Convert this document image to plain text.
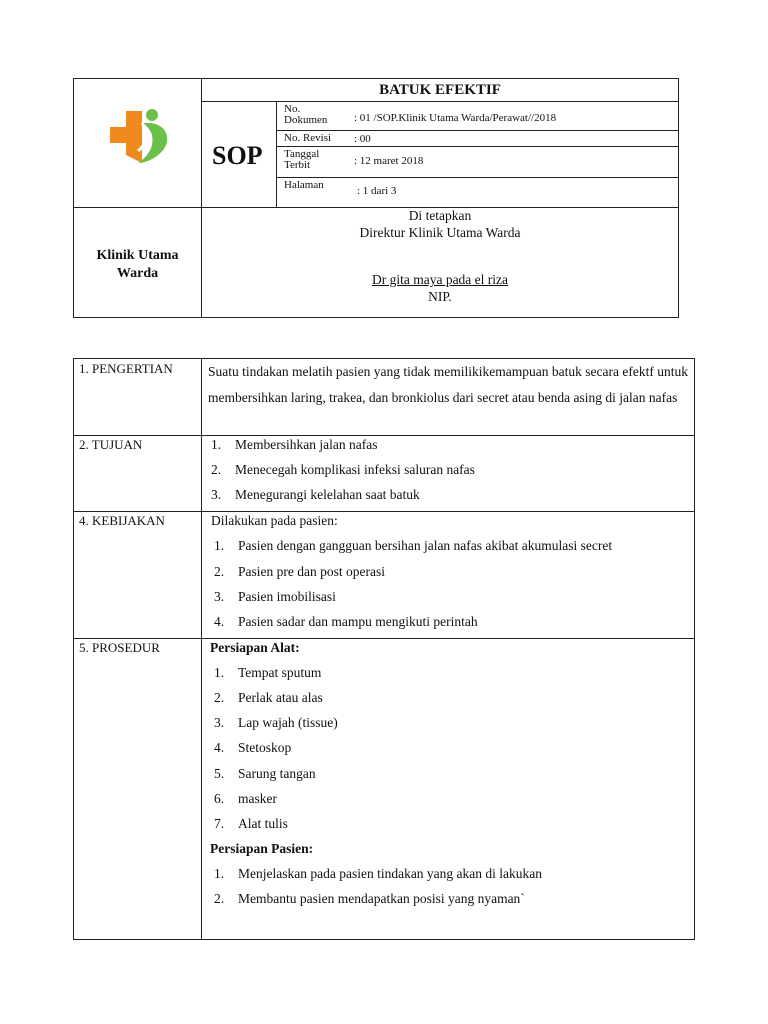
BATUK EFEKTIF
SOP
No. Dokumen	: 01 /SOP.Klinik Utama Warda/Perawat//2018
No. Revisi : 00
Tanggal Terbit	: 12 maret 2018
Halaman	: 1 dari 3
Klinik Utama
Warda
Di tetapkan
Direktur Klinik Utama Warda
Dr gita maya pada el riza
NIP.
1. PENGERTIAN	Suatu tindakan melatih pasien yang tidak memilikikemampuan batuk secara efektf untuk membersihkan laring, trakea, dan bronkiolus dari secret atau benda asing di jalan nafas
2. TUJUAN	1. Membersihkan jalan nafas
2. Menecegah komplikasi infeksi saluran nafas
3. Menegurangi kelelahan saat batuk
4. KEBIJAKAN	Dilakukan pada pasien:
1. Pasien dengan gangguan bersihan jalan nafas akibat akumulasi secret
2. Pasien pre dan post operasi
3. Pasien imobilisasi
4. Pasien sadar dan mampu mengikuti perintah
5. PROSEDUR	Persiapan Alat:
1. Tempat sputum
2. Perlak atau alas
3. Lap wajah (tissue)
4. Stetoskop
5. Sarung tangan
6. masker
7. Alat tulis
Persiapan Pasien:
1. Menjelaskan pada pasien tindakan yang akan di lakukan
2. Membantu pasien mendapatkan posisi yang nyaman`
